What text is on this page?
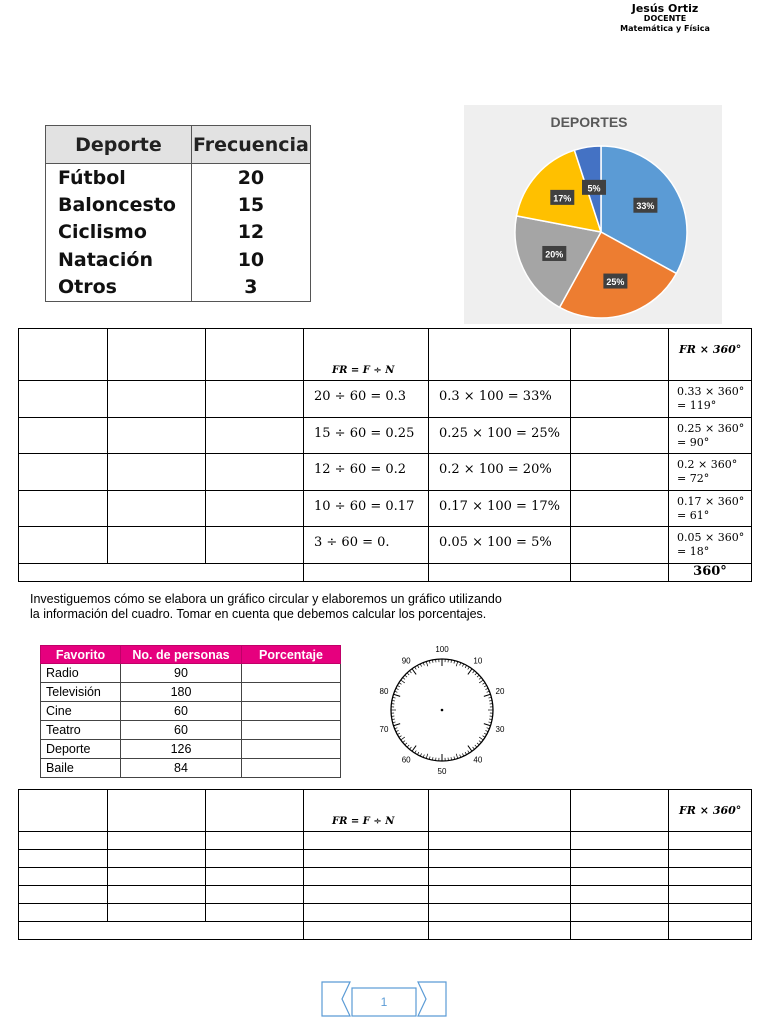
Jesús Ortiz
DOCENTE
Matemática y Física
Deporte	Frecuencia
Fútbol	20
Baloncesto	15
Ciclismo	12
Natación	10
Otros	3
DEPORTES
33%
25%
20%
17%
5%
			FR = F ÷ N			FR × 360°
			20 ÷ 60 = 0.3	0.3 × 100 = 33%		0.33 × 360°
= 119°

			15 ÷ 60 = 0.25	0.25 × 100 = 25%		0.25 × 360°
= 90°

			12 ÷ 60 = 0.2	0.2 × 100 = 20%		0.2 × 360°
= 72°

			10 ÷ 60 = 0.17	0.17 × 100 = 17%		0.17 × 360°
= 61°

			3 ÷ 60 = 0.	0.05 × 100 = 5%		0.05 × 360°
= 18°

						360°
Investiguemos cómo se elabora un gráfico circular y elaboremos un gráfico utilizando
la información del cuadro. Tomar en cuenta que debemos calcular los porcentajes.
Favorito	No. de personas	Porcentaje
Radio	90	
Televisión	180	
Cine	60	
Teatro	60	
Deporte	126	
Baile	84	
100
10
20
30
40
50
60
70
80
90
			FR = F ÷ N			FR × 360°

1
